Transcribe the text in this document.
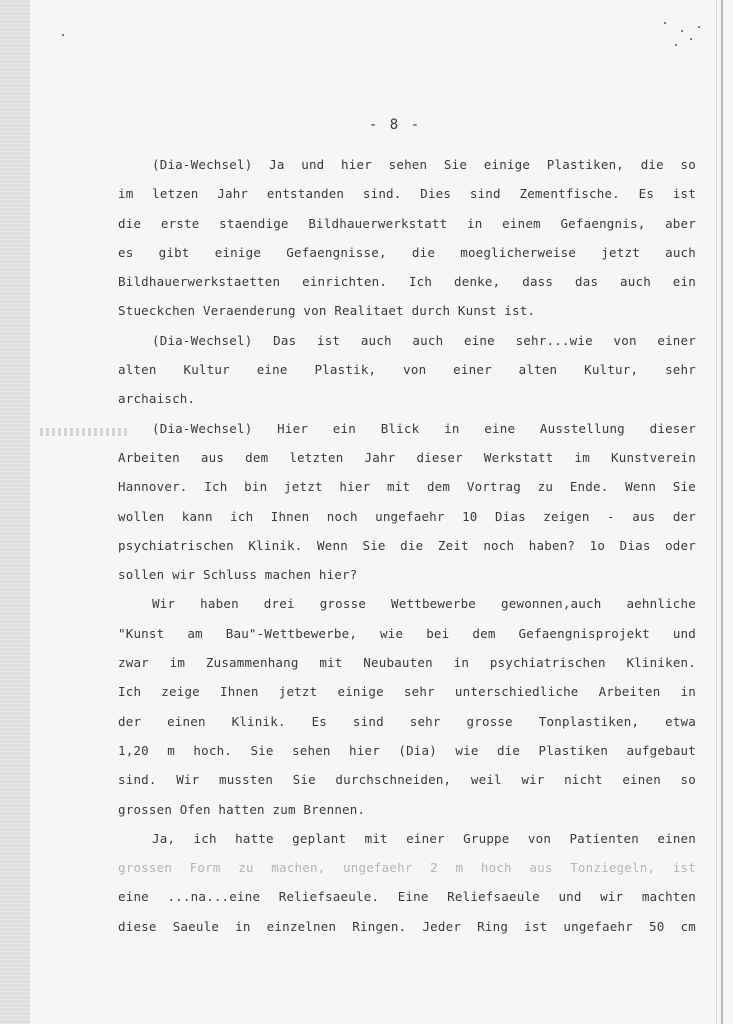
- 8 -
(Dia-Wechsel) Ja und hier sehen Sie einige Plastiken, die so
im letzen Jahr entstanden sind. Dies sind Zementfische. Es ist
die erste staendige Bildhauerwerkstatt in einem Gefaengnis, aber
es gibt einige Gefaengnisse, die moeglicherweise jetzt auch
Bildhauerwerkstaetten einrichten. Ich denke, dass das auch ein
Stueckchen Veraenderung von Realitaet durch Kunst ist.
(Dia-Wechsel) Das ist auch auch eine sehr...wie von einer
alten Kultur eine Plastik, von einer alten Kultur, sehr
archaisch.
(Dia-Wechsel) Hier ein Blick in eine Ausstellung dieser
Arbeiten aus dem letzten Jahr dieser Werkstatt im Kunstverein
Hannover. Ich bin jetzt hier mit dem Vortrag zu Ende. Wenn Sie
wollen kann ich Ihnen noch ungefaehr 10 Dias zeigen - aus der
psychiatrischen Klinik. Wenn Sie die Zeit noch haben? 1o Dias oder
sollen wir Schluss machen hier?
Wir haben drei grosse Wettbewerbe gewonnen,auch aehnliche
"Kunst am Bau"-Wettbewerbe, wie bei dem Gefaengnisprojekt und
zwar im Zusammenhang mit Neubauten in psychiatrischen Kliniken.
Ich zeige Ihnen jetzt einige sehr unterschiedliche Arbeiten in
der einen Klinik. Es sind sehr grosse Tonplastiken, etwa
1,20 m hoch. Sie sehen hier (Dia) wie die Plastiken aufgebaut
sind. Wir mussten Sie durchschneiden, weil wir nicht einen so
grossen Ofen hatten zum Brennen.
Ja, ich hatte geplant mit einer Gruppe von Patienten einen
grossen Form zu machen, ungefaehr 2 m hoch aus Tonziegeln, ist
eine ...na...eine Reliefsaeule. Eine Reliefsaeule und wir machten
diese Saeule in einzelnen Ringen. Jeder Ring ist ungefaehr 50 cm
